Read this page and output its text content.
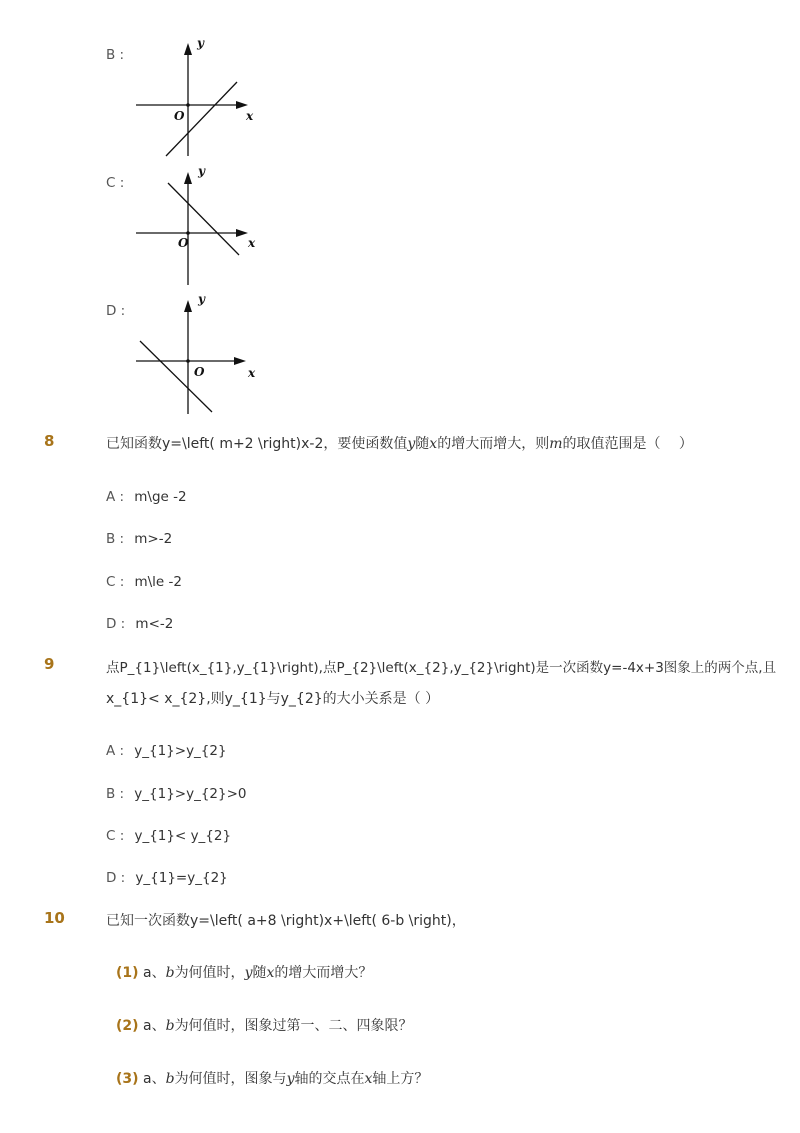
B :
O	x
y
C :
O	x
y
D :
O	x
y
8	已知函数y=\left( m+2 \right)x-2，要使函数值y随x的增大而增大，则m的取值范围是（　 ）
A : m\ge -2
B : m>-2
C : m\le -2
D : m<-2
9	点P_{1}\left(x_{1},y_{1}\right),点P_{2}\left(x_{2},y_{2}\right)是一次函数y=-4x+3图象上的两个点,且
x_{1}< x_{2},则y_{1}与y_{2}的大小关系是（ ）
A : y_{1}>y_{2}
B : y_{1}>y_{2}>0
C : y_{1}< y_{2}
D : y_{1}=y_{2}
10	已知一次函数y=\left( a+8 \right)x+\left( 6-b \right)，
(1) a、b为何值时，y随x的增大而增大？
(2) a、b为何值时，图象过第一、二、四象限？
(3) a、b为何值时，图象与y轴的交点在x轴上方？
